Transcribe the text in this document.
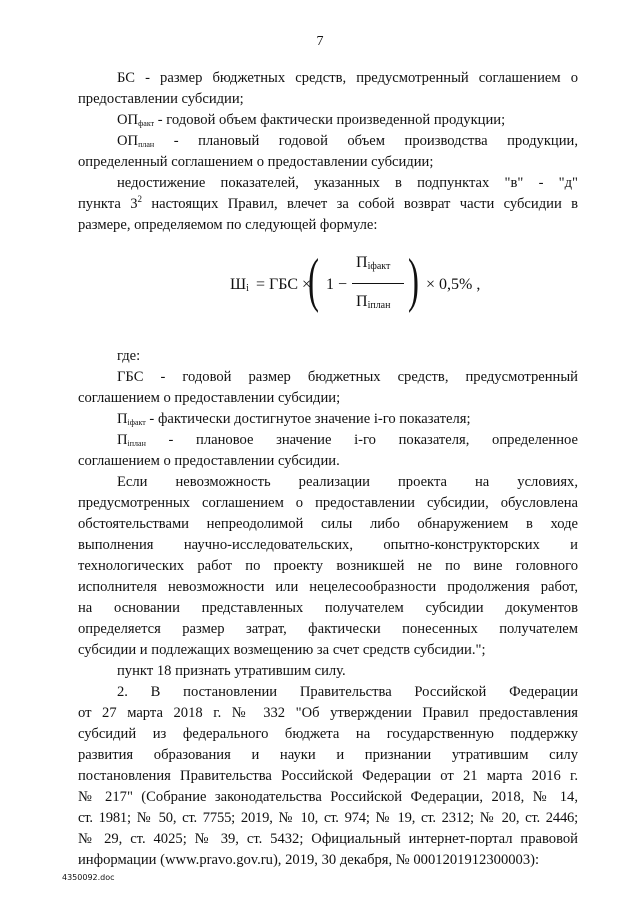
7

БС - размер бюджетных средств, предусмотренный соглашением о

предоставлении субсидии;

$ОП_{факт}$ - годовой объем фактически произведенной продукции;

$ОП_{план}$ - плановый годовой объем производства продукции,

определенный соглашением о предоставлении субсидии;

недостижение показателей, указанных в подпунктах "в" - "д"

пункта $3^2$ настоящих Правил, влечет за собой возврат части субсидии в

размере, определяемом по следующей формуле:

$Ш_i$ = ГБС ×
( 1 −
$П_{iфакт}$
$П_{iплан}$ ) × 0,5% ,

где:

ГБС - годовой размер бюджетных средств, предусмотренный

соглашением о предоставлении субсидии;

$П_{iфакт}$ - фактически достигнутое значение i-го показателя;

$П_{iплан}$ - плановое значение i-го показателя, определенное

соглашением о предоставлении субсидии.

Если невозможность реализации проекта на условиях,

предусмотренных соглашением о предоставлении субсидии, обусловлена

обстоятельствами непреодолимой силы либо обнаружением в ходе

выполнения научно-исследовательских, опытно-конструкторских и

технологических работ по проекту возникшей не по вине головного

исполнителя невозможности или нецелесообразности продолжения работ,

на основании представленных получателем субсидии документов

определяется размер затрат, фактически понесенных получателем

субсидии и подлежащих возмещению за счет средств субсидии.";

пункт 18 признать утратившим силу.

2. В постановлении Правительства Российской Федерации

от 27 марта 2018 г. № 332 "Об утверждении Правил предоставления

субсидий из федерального бюджета на государственную поддержку

развития образования и науки и признании утратившим силу

постановления Правительства Российской Федерации от 21 марта 2016 г.

№ 217" (Собрание законодательства Российской Федерации, 2018, № 14,

ст. 1981; № 50, ст. 7755; 2019, № 10, ст. 974; № 19, ст. 2312; № 20, ст. 2446;

№ 29, ст. 4025; № 39, ст. 5432; Официальный интернет-портал правовой

информации (www.pravo.gov.ru), 2019, 30 декабря, № 0001201912300003):

4350092.doc
